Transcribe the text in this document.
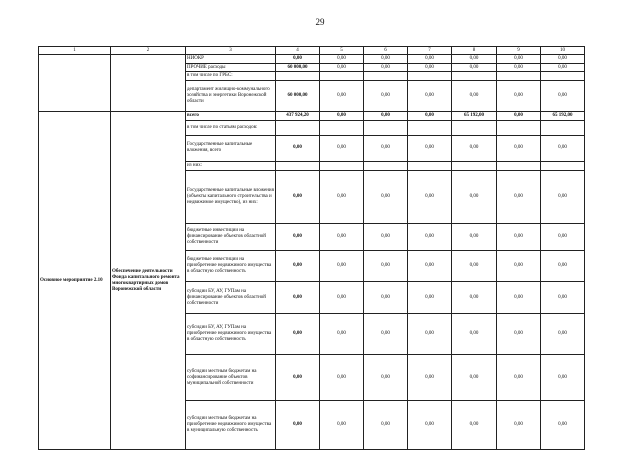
29
1	2	3	4	5	6	7	8	9	10
		НИОКР	0,00	0,00	0,00	0,00	0,00	0,00	0,00
		ПРОЧИЕ расходы	60 000,00	0,00	0,00	0,00	0,00	0,00	0,00
		в том числе по ГРБС:							
		департамент жилищно-коммунального хозяйства и энергетики Воронежской области	60 000,00	0,00	0,00	0,00	0,00	0,00	0,00
Основное мероприятие 2.10	Обеспечение деятельности Фонда капитального ремонта многоквартирных домов Воронежской области	всего	437 924,20	0,00	0,00	0,00	65 192,00	0,00	65 192,00
		в том числе по статьям расходов:							
		Государственные капитальные вложения, всего	0,00	0,00	0,00	0,00	0,00	0,00	0,00
		из них:							
		Государственные капитальные вложения (объекты капитального строительства и недвижимое имущество), из них:	0,00	0,00	0,00	0,00	0,00	0,00	0,00
		бюджетные инвестиции на финансирование объектов областной собственности	0,00	0,00	0,00	0,00	0,00	0,00	0,00
		бюджетные инвестиции на приобретение недвижимого имущества в областную собственность	0,00	0,00	0,00	0,00	0,00	0,00	0,00
		субсидии БУ, АУ, ГУПам на финансирование объектов областной собственности	0,00	0,00	0,00	0,00	0,00	0,00	0,00
		субсидии БУ, АУ, ГУПам на приобретение недвижимого имущества в областную собственность	0,00	0,00	0,00	0,00	0,00	0,00	0,00
		субсидии местным бюджетам на софинансирование объектов муниципальной собственности	0,00	0,00	0,00	0,00	0,00	0,00	0,00
		субсидии местным бюджетам на приобретение недвижимого имущества в муниципальную собственность	0,00	0,00	0,00	0,00	0,00	0,00	0,00
